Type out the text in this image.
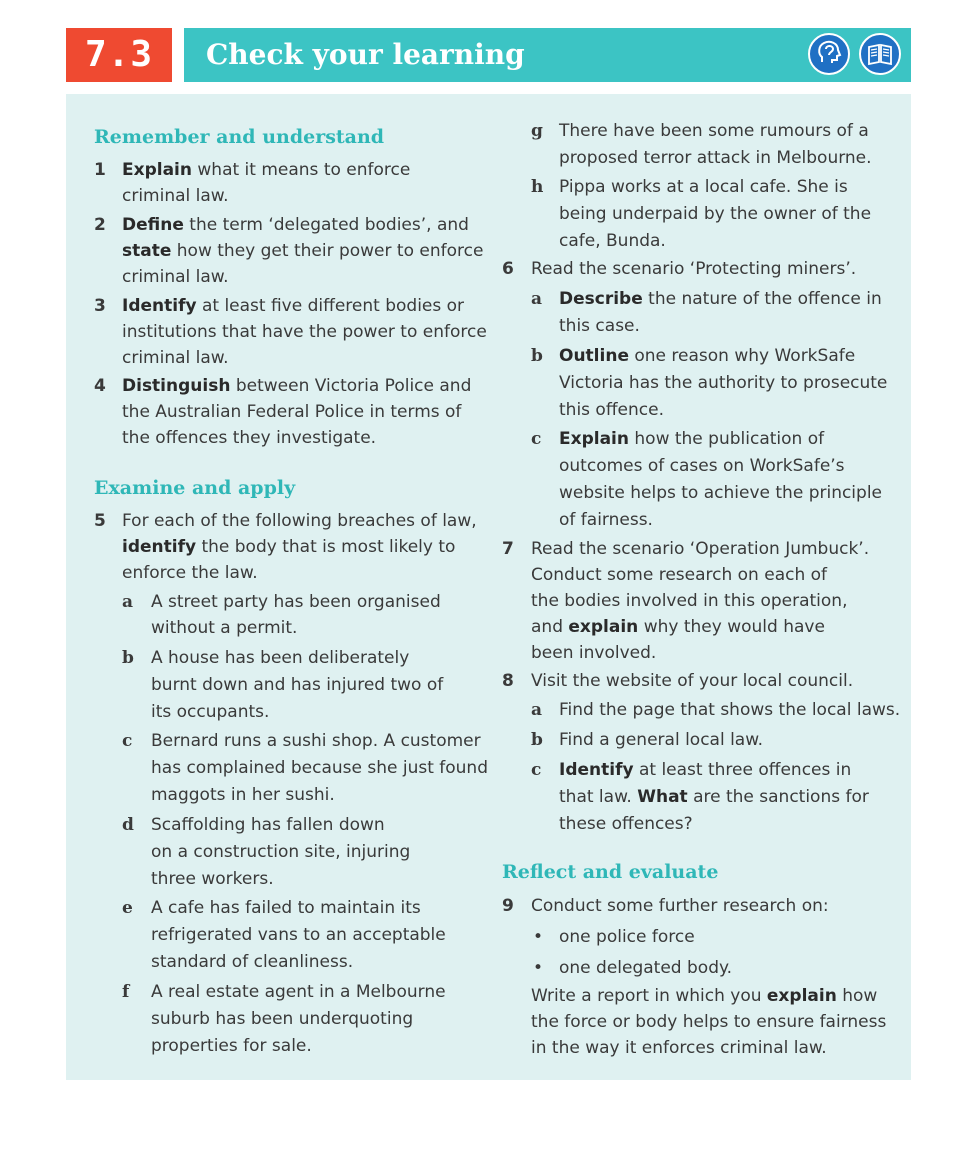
7.3	Check your learning
Remember and understand
1 Explain what it means to enforce
criminal law.
2 Define the term ‘delegated bodies’, and
state how they get their power to enforce
criminal law.
3 Identify at least five different bodies or
institutions that have the power to enforce
criminal law.
4 Distinguish between Victoria Police and
the Australian Federal Police in terms of
the offences they investigate.
Examine and apply
5 For each of the following breaches of law,
identify the body that is most likely to
enforce the law.
a A street party has been organised
without a permit.
b A house has been deliberately
burnt down and has injured two of
its occupants.
c Bernard runs a sushi shop. A customer
has complained because she just found
maggots in her sushi.
d Scaffolding has fallen down
on a construction site, injuring
three workers.
e A cafe has failed to maintain its
refrigerated vans to an acceptable
standard of cleanliness.
f A real estate agent in a Melbourne
suburb has been underquoting
properties for sale.
g There have been some rumours of a
proposed terror attack in Melbourne.
h Pippa works at a local cafe. She is
being underpaid by the owner of the
cafe, Bunda.
6 Read the scenario ‘Protecting miners’.
a Describe the nature of the offence in
this case.
b Outline one reason why WorkSafe
Victoria has the authority to prosecute
this offence.
c Explain how the publication of
outcomes of cases on WorkSafe’s
website helps to achieve the principle
of fairness.
7 Read the scenario ‘Operation Jumbuck’.
Conduct some research on each of
the bodies involved in this operation,
and explain why they would have
been involved.
8 Visit the website of your local council.
a Find the page that shows the local laws.
b Find a general local law.
c Identify at least three offences in
that law. What are the sanctions for
these offences?
Reflect and evaluate
9 Conduct some further research on:
• one police force
• one delegated body.
Write a report in which you explain how
the force or body helps to ensure fairness
in the way it enforces criminal law.
